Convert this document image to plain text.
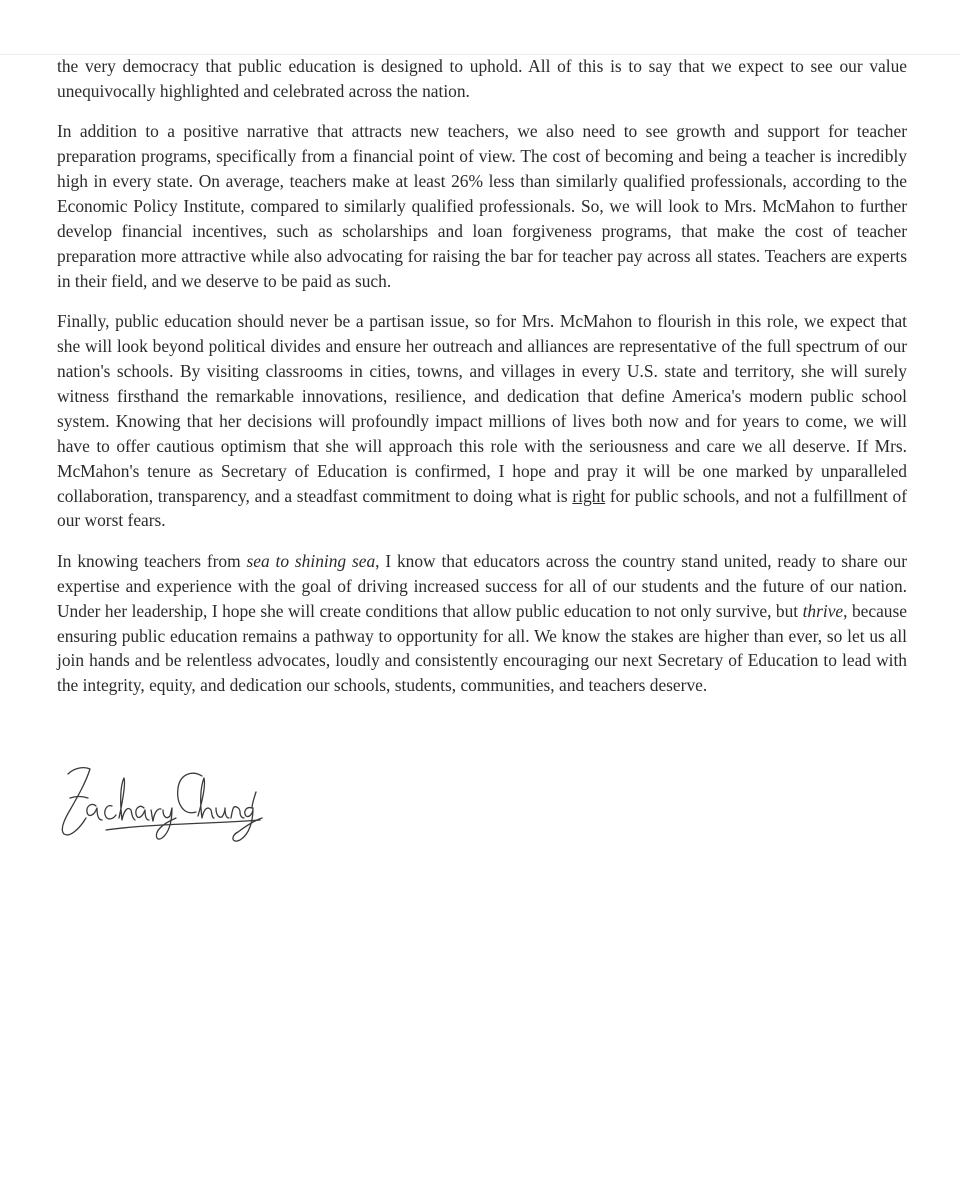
the very democracy that public education is designed to uphold. All of this is to say that we expect to see our value unequivocally highlighted and celebrated across the nation.

In addition to a positive narrative that attracts new teachers, we also need to see growth and support for teacher preparation programs, specifically from a financial point of view. The cost of becoming and being a teacher is incredibly high in every state. On average, teachers make at least 26% less than similarly qualified professionals, according to the Economic Policy Institute, compared to similarly qualified professionals. So, we will look to Mrs. McMahon to further develop financial incentives, such as scholarships and loan forgiveness programs, that make the cost of teacher preparation more attractive while also advocating for raising the bar for teacher pay across all states. Teachers are experts in their field, and we deserve to be paid as such.

Finally, public education should never be a partisan issue, so for Mrs. McMahon to flourish in this role, we expect that she will look beyond political divides and ensure her outreach and alliances are representative of the full spectrum of our nation's schools. By visiting classrooms in cities, towns, and villages in every U.S. state and territory, she will surely witness firsthand the remarkable innovations, resilience, and dedication that define America's modern public school system. Knowing that her decisions will profoundly impact millions of lives both now and for years to come, we will have to offer cautious optimism that she will approach this role with the seriousness and care we all deserve. If Mrs. McMahon's tenure as Secretary of Education is confirmed, I hope and pray it will be one marked by unparalleled collaboration, transparency, and a steadfast commitment to doing what is right for public schools, and not a fulfillment of our worst fears.

In knowing teachers from sea to shining sea, I know that educators across the country stand united, ready to share our expertise and experience with the goal of driving increased success for all of our students and the future of our nation. Under her leadership, I hope she will create conditions that allow public education to not only survive, but thrive, because ensuring public education remains a pathway to opportunity for all. We know the stakes are higher than ever, so let us all join hands and be relentless advocates, loudly and consistently encouraging our next Secretary of Education to lead with the integrity, equity, and dedication our schools, students, communities, and teachers deserve.
